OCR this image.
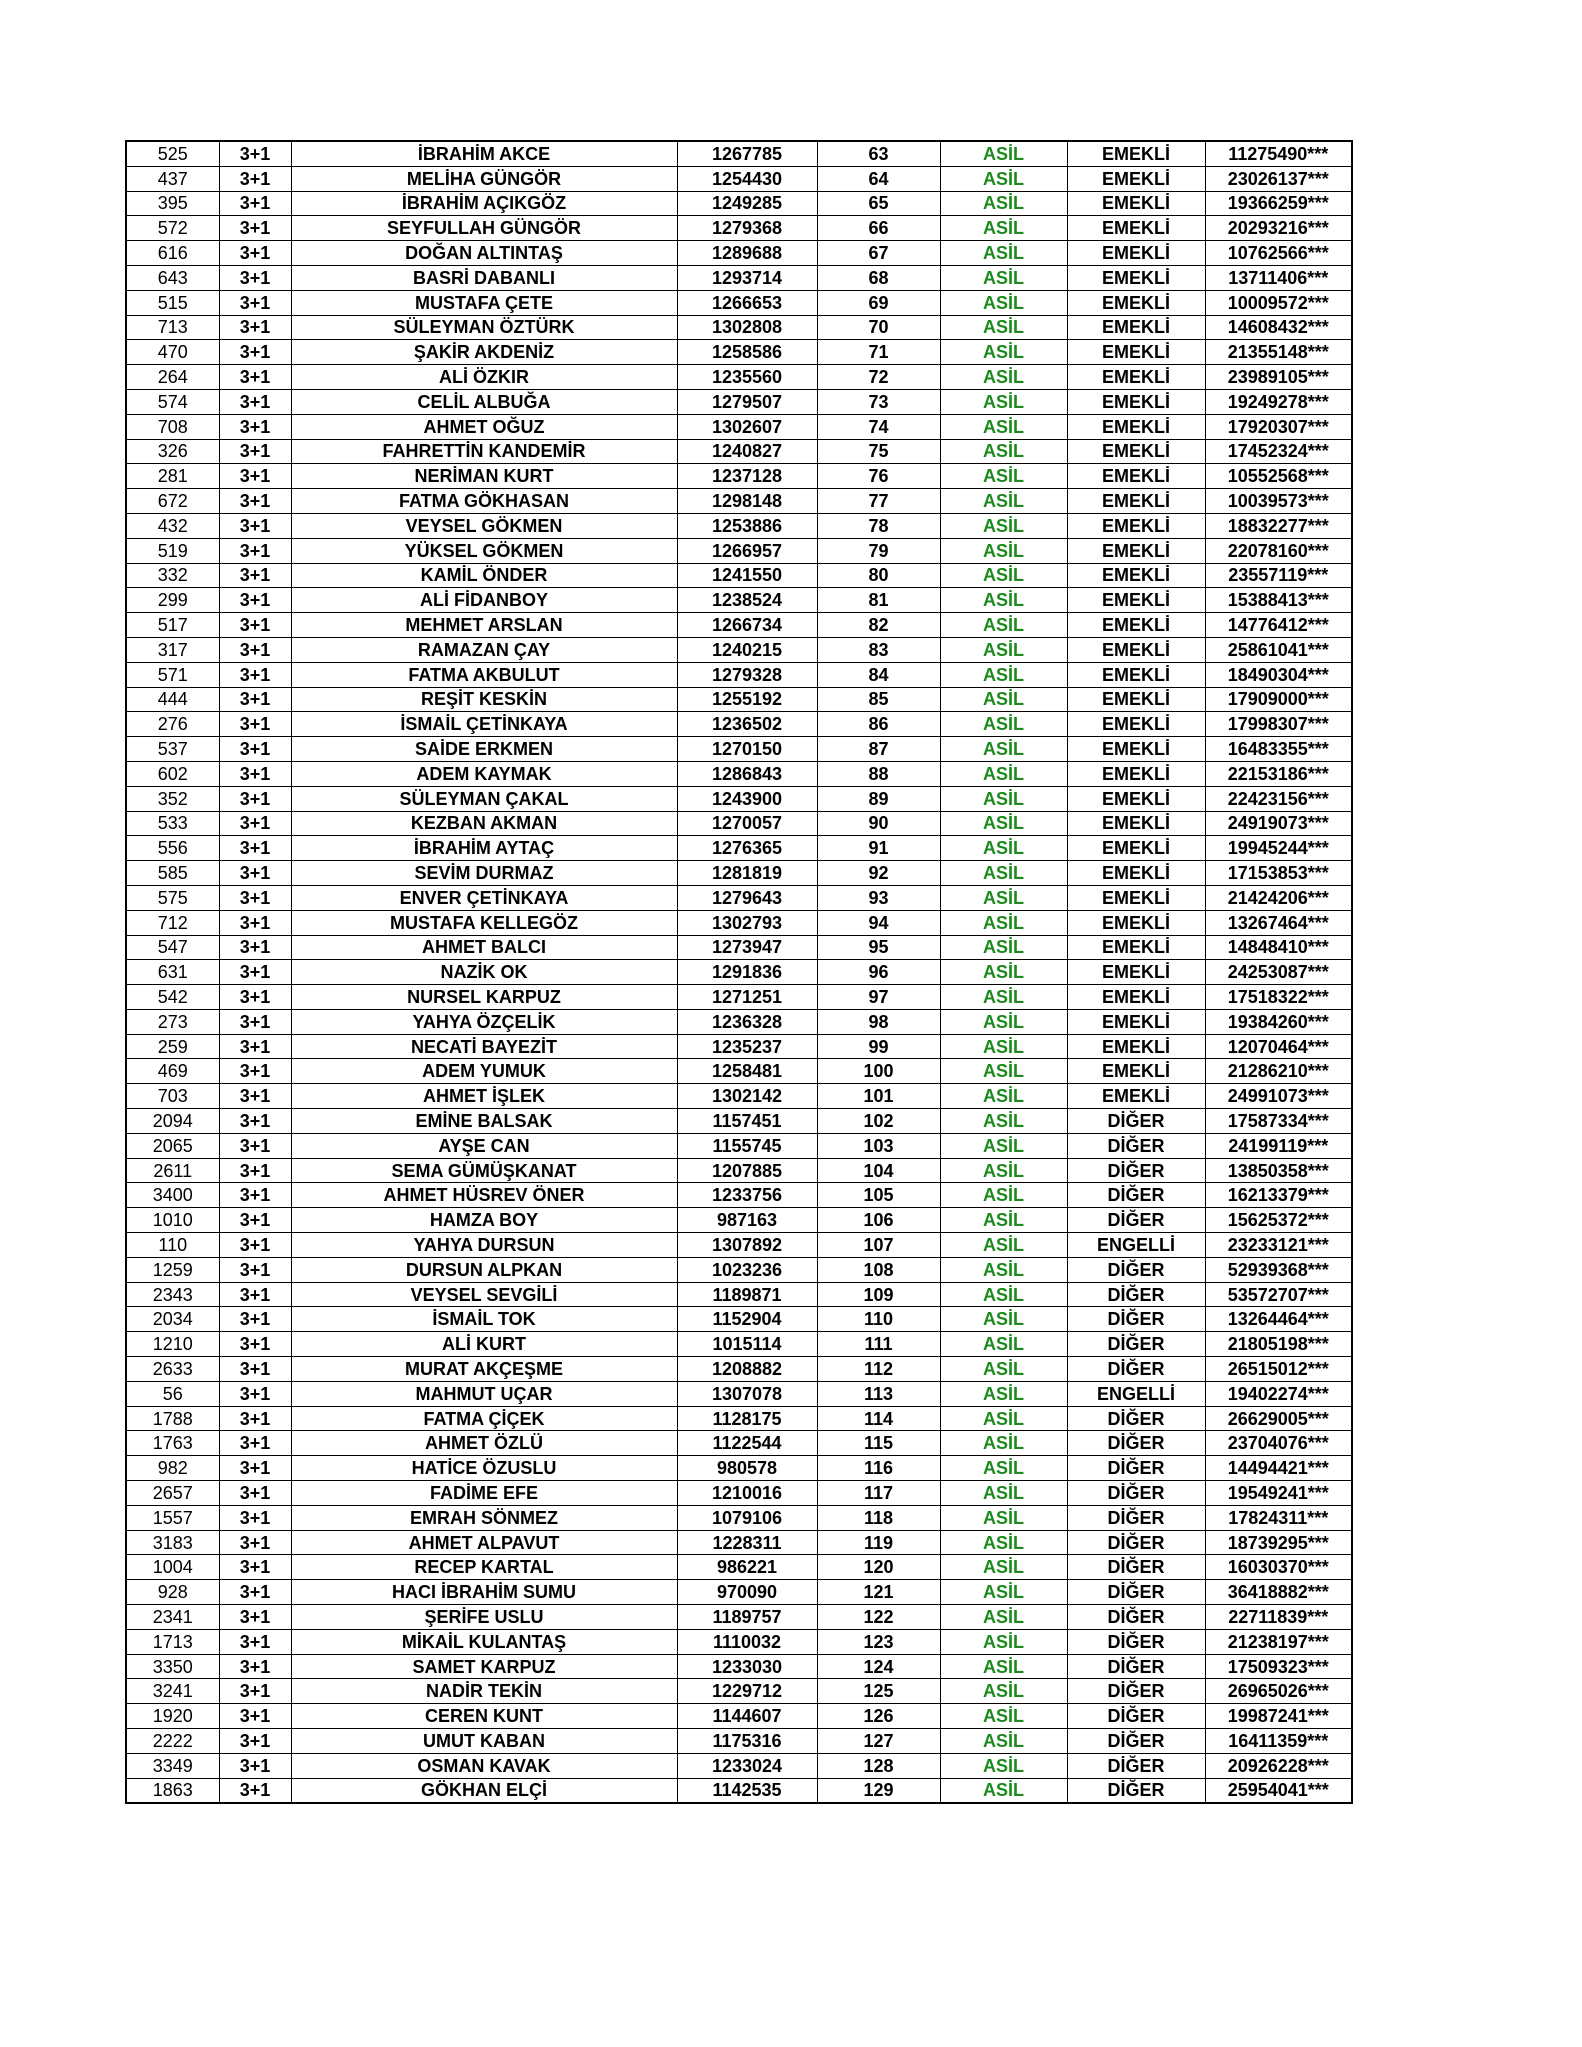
525	3+1	İBRAHİM AKCE	1267785	63	ASİL	EMEKLİ	11275490***
437	3+1	MELİHA GÜNGÖR	1254430	64	ASİL	EMEKLİ	23026137***
395	3+1	İBRAHİM AÇIKGÖZ	1249285	65	ASİL	EMEKLİ	19366259***
572	3+1	SEYFULLAH GÜNGÖR	1279368	66	ASİL	EMEKLİ	20293216***
616	3+1	DOĞAN ALTINTAŞ	1289688	67	ASİL	EMEKLİ	10762566***
643	3+1	BASRİ DABANLI	1293714	68	ASİL	EMEKLİ	13711406***
515	3+1	MUSTAFA ÇETE	1266653	69	ASİL	EMEKLİ	10009572***
713	3+1	SÜLEYMAN ÖZTÜRK	1302808	70	ASİL	EMEKLİ	14608432***
470	3+1	ŞAKİR AKDENİZ	1258586	71	ASİL	EMEKLİ	21355148***
264	3+1	ALİ ÖZKIR	1235560	72	ASİL	EMEKLİ	23989105***
574	3+1	CELİL ALBUĞA	1279507	73	ASİL	EMEKLİ	19249278***
708	3+1	AHMET OĞUZ	1302607	74	ASİL	EMEKLİ	17920307***
326	3+1	FAHRETTİN KANDEMİR	1240827	75	ASİL	EMEKLİ	17452324***
281	3+1	NERİMAN KURT	1237128	76	ASİL	EMEKLİ	10552568***
672	3+1	FATMA GÖKHASAN	1298148	77	ASİL	EMEKLİ	10039573***
432	3+1	VEYSEL GÖKMEN	1253886	78	ASİL	EMEKLİ	18832277***
519	3+1	YÜKSEL GÖKMEN	1266957	79	ASİL	EMEKLİ	22078160***
332	3+1	KAMİL ÖNDER	1241550	80	ASİL	EMEKLİ	23557119***
299	3+1	ALİ FİDANBOY	1238524	81	ASİL	EMEKLİ	15388413***
517	3+1	MEHMET ARSLAN	1266734	82	ASİL	EMEKLİ	14776412***
317	3+1	RAMAZAN ÇAY	1240215	83	ASİL	EMEKLİ	25861041***
571	3+1	FATMA AKBULUT	1279328	84	ASİL	EMEKLİ	18490304***
444	3+1	REŞİT KESKİN	1255192	85	ASİL	EMEKLİ	17909000***
276	3+1	İSMAİL ÇETİNKAYA	1236502	86	ASİL	EMEKLİ	17998307***
537	3+1	SAİDE ERKMEN	1270150	87	ASİL	EMEKLİ	16483355***
602	3+1	ADEM KAYMAK	1286843	88	ASİL	EMEKLİ	22153186***
352	3+1	SÜLEYMAN ÇAKAL	1243900	89	ASİL	EMEKLİ	22423156***
533	3+1	KEZBAN AKMAN	1270057	90	ASİL	EMEKLİ	24919073***
556	3+1	İBRAHİM AYTAÇ	1276365	91	ASİL	EMEKLİ	19945244***
585	3+1	SEVİM DURMAZ	1281819	92	ASİL	EMEKLİ	17153853***
575	3+1	ENVER ÇETİNKAYA	1279643	93	ASİL	EMEKLİ	21424206***
712	3+1	MUSTAFA KELLEGÖZ	1302793	94	ASİL	EMEKLİ	13267464***
547	3+1	AHMET BALCI	1273947	95	ASİL	EMEKLİ	14848410***
631	3+1	NAZİK OK	1291836	96	ASİL	EMEKLİ	24253087***
542	3+1	NURSEL KARPUZ	1271251	97	ASİL	EMEKLİ	17518322***
273	3+1	YAHYA ÖZÇELİK	1236328	98	ASİL	EMEKLİ	19384260***
259	3+1	NECATİ BAYEZİT	1235237	99	ASİL	EMEKLİ	12070464***
469	3+1	ADEM YUMUK	1258481	100	ASİL	EMEKLİ	21286210***
703	3+1	AHMET İŞLEK	1302142	101	ASİL	EMEKLİ	24991073***
2094	3+1	EMİNE BALSAK	1157451	102	ASİL	DİĞER	17587334***
2065	3+1	AYŞE CAN	1155745	103	ASİL	DİĞER	24199119***
2611	3+1	SEMA GÜMÜŞKANAT	1207885	104	ASİL	DİĞER	13850358***
3400	3+1	AHMET HÜSREV ÖNER	1233756	105	ASİL	DİĞER	16213379***
1010	3+1	HAMZA BOY	987163	106	ASİL	DİĞER	15625372***
110	3+1	YAHYA DURSUN	1307892	107	ASİL	ENGELLİ	23233121***
1259	3+1	DURSUN ALPKAN	1023236	108	ASİL	DİĞER	52939368***
2343	3+1	VEYSEL SEVGİLİ	1189871	109	ASİL	DİĞER	53572707***
2034	3+1	İSMAİL TOK	1152904	110	ASİL	DİĞER	13264464***
1210	3+1	ALİ KURT	1015114	111	ASİL	DİĞER	21805198***
2633	3+1	MURAT AKÇEŞME	1208882	112	ASİL	DİĞER	26515012***
56	3+1	MAHMUT UÇAR	1307078	113	ASİL	ENGELLİ	19402274***
1788	3+1	FATMA ÇİÇEK	1128175	114	ASİL	DİĞER	26629005***
1763	3+1	AHMET ÖZLÜ	1122544	115	ASİL	DİĞER	23704076***
982	3+1	HATİCE ÖZUSLU	980578	116	ASİL	DİĞER	14494421***
2657	3+1	FADİME EFE	1210016	117	ASİL	DİĞER	19549241***
1557	3+1	EMRAH SÖNMEZ	1079106	118	ASİL	DİĞER	17824311***
3183	3+1	AHMET ALPAVUT	1228311	119	ASİL	DİĞER	18739295***
1004	3+1	RECEP KARTAL	986221	120	ASİL	DİĞER	16030370***
928	3+1	HACI İBRAHİM SUMU	970090	121	ASİL	DİĞER	36418882***
2341	3+1	ŞERİFE USLU	1189757	122	ASİL	DİĞER	22711839***
1713	3+1	MİKAİL KULANTAŞ	1110032	123	ASİL	DİĞER	21238197***
3350	3+1	SAMET KARPUZ	1233030	124	ASİL	DİĞER	17509323***
3241	3+1	NADİR TEKİN	1229712	125	ASİL	DİĞER	26965026***
1920	3+1	CEREN KUNT	1144607	126	ASİL	DİĞER	19987241***
2222	3+1	UMUT KABAN	1175316	127	ASİL	DİĞER	16411359***
3349	3+1	OSMAN KAVAK	1233024	128	ASİL	DİĞER	20926228***
1863	3+1	GÖKHAN ELÇİ	1142535	129	ASİL	DİĞER	25954041***
